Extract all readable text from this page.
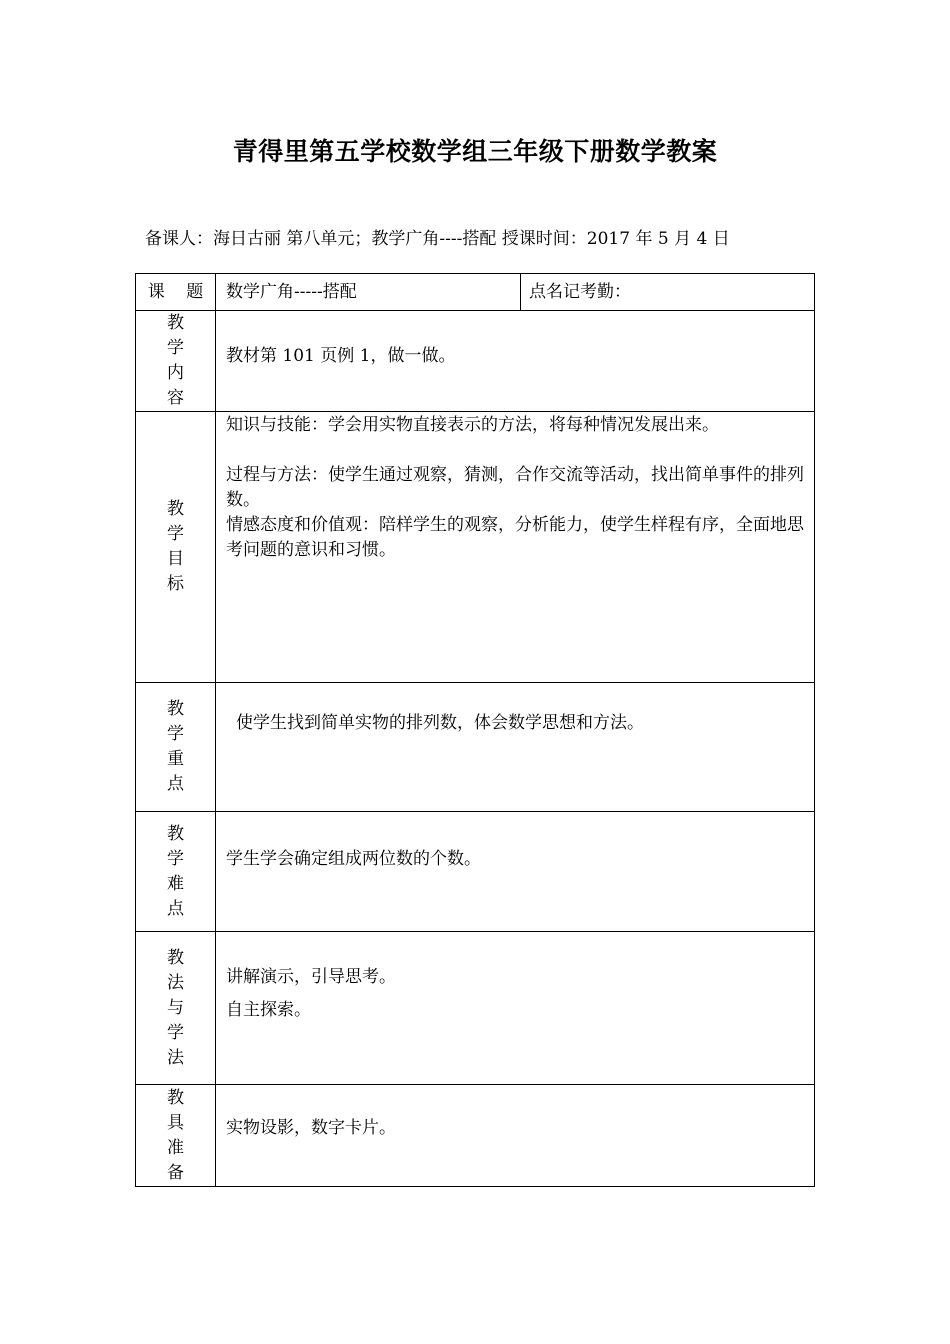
青得里第五学校数学组三年级下册数学教案
备课人：海日古丽 第八单元；教学广角----搭配 授课时间：2017 年 5 月 4 日
课    题	数学广角-----搭配	点名记考勤：

教学内容	教材第 101 页例 1，做一做。	

教学目标	知识与技能：学会用实物直接表示的方法，将每种情况发展出来。

过程与方法：使学生通过观察，猜测，合作交流等活动，找出简单事件的排列数。

情感态度和价值观：陪样学生的观察，分析能力，使学生样程有序，全面地思考问题的意识和习惯。	

教学重点	使学生找到简单实物的排列数，体会数学思想和方法。	

教学难点	学生学会确定组成两位数的个数。	

教法与学法	讲解演示，引导思考。

自主探索。	

教具准备	实物设影，数字卡片。	
